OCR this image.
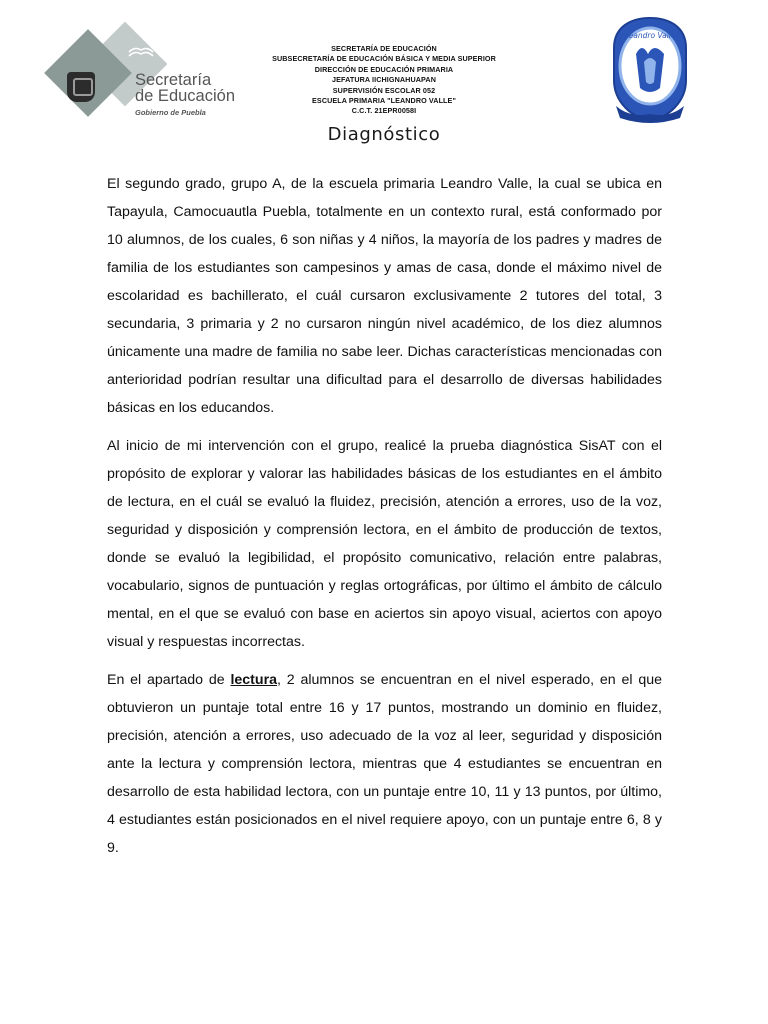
Secretaría
de Educación
Gobierno de Puebla
SECRETARÍA DE EDUCACIÓN
SUBSECRETARÍA DE EDUCACIÓN BÁSICA Y MEDIA SUPERIOR
DIRECCIÓN DE EDUCACIÓN PRIMARIA
JEFATURA IICHIGNAHUAPAN
SUPERVISIÓN ESCOLAR 052
ESCUELA PRIMARIA "LEANDRO VALLE"
C.C.T. 21EPR0058I
Diagnóstico
Leandro Valle

El segundo grado, grupo A, de la escuela primaria Leandro Valle, la cual se ubica en Tapayula, Camocuautla Puebla, totalmente en un contexto rural, está conformado por 10 alumnos, de los cuales, 6 son niñas y 4 niños, la mayoría de los padres y madres de familia de los estudiantes son campesinos y amas de casa, donde el máximo nivel de escolaridad es bachillerato, el cuál cursaron exclusivamente 2 tutores del total, 3 secundaria, 3 primaria y 2 no cursaron ningún nivel académico, de los diez alumnos únicamente una madre de familia no sabe leer. Dichas características mencionadas con anterioridad podrían resultar una dificultad para el desarrollo de diversas habilidades básicas en los educandos.

Al inicio de mi intervención con el grupo, realicé la prueba diagnóstica SisAT con el propósito de explorar y valorar las habilidades básicas de los estudiantes en el ámbito de lectura, en el cuál se evaluó la fluidez, precisión, atención a errores, uso de la voz, seguridad y disposición y comprensión lectora, en el ámbito de producción de textos, donde se evaluó la legibilidad, el propósito comunicativo, relación entre palabras, vocabulario, signos de puntuación y reglas ortográficas, por último el ámbito de cálculo mental, en el que se evaluó con base en aciertos sin apoyo visual, aciertos con apoyo visual y respuestas incorrectas.

En el apartado de lectura, 2 alumnos se encuentran en el nivel esperado, en el que obtuvieron un puntaje total entre 16 y 17 puntos, mostrando un dominio en fluidez, precisión, atención a errores, uso adecuado de la voz al leer, seguridad y disposición ante la lectura y comprensión lectora, mientras que 4 estudiantes se encuentran en desarrollo de esta habilidad lectora, con un puntaje entre 10, 11 y 13 puntos, por último, 4 estudiantes están posicionados en el nivel requiere apoyo, con un puntaje entre 6, 8 y 9.
